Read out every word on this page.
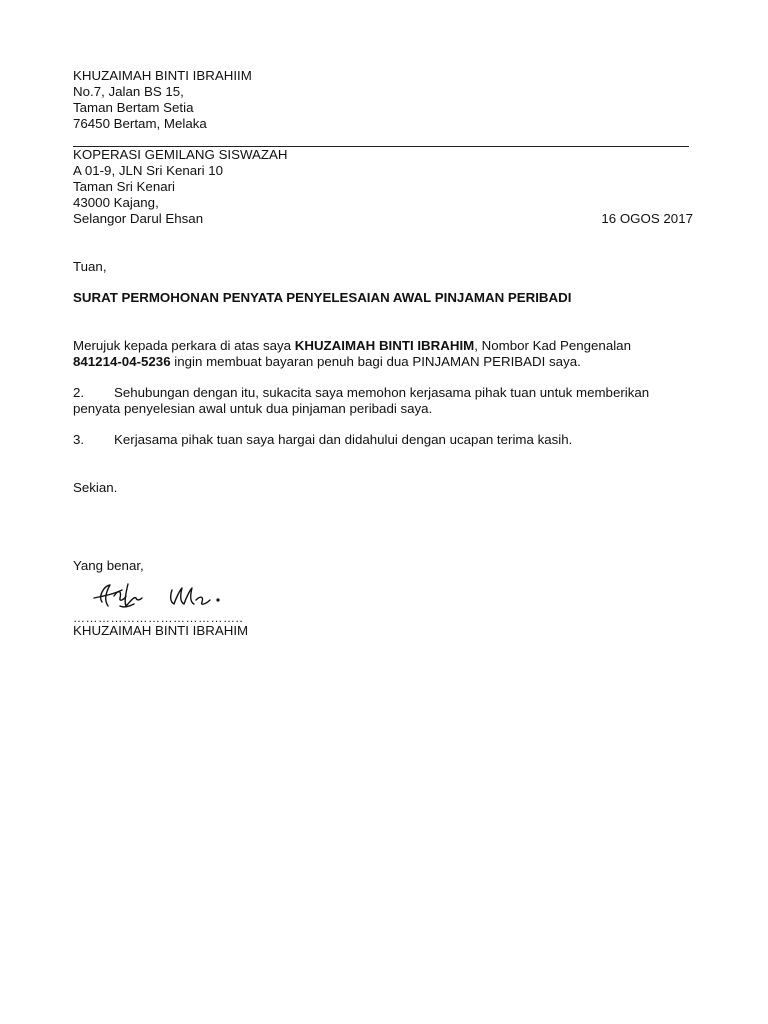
KHUZAIMAH BINTI IBRAHIIM
No.7, Jalan BS 15,
Taman Bertam Setia
76450 Bertam, Melaka
KOPERASI GEMILANG SISWAZAH
A 01-9, JLN Sri Kenari 10
Taman Sri Kenari
43000 Kajang,
Selangor Darul Ehsan	16 OGOS 2017
Tuan,
SURAT PERMOHONAN PENYATA PENYELESAIAN AWAL PINJAMAN PERIBADI
Merujuk kepada perkara di atas saya KHUZAIMAH BINTI IBRAHIM, Nombor Kad Pengenalan
841214-04-5236 ingin membuat bayaran penuh bagi dua PINJAMAN PERIBADI saya.
2. Sehubungan dengan itu, sukacita saya memohon kerjasama pihak tuan untuk memberikan
penyata penyelesian awal untuk dua pinjaman peribadi saya.
3. Kerjasama pihak tuan saya hargai dan didahului dengan ucapan terima kasih.
Sekian.
Yang benar,
…………………………………..
KHUZAIMAH BINTI IBRAHIM
